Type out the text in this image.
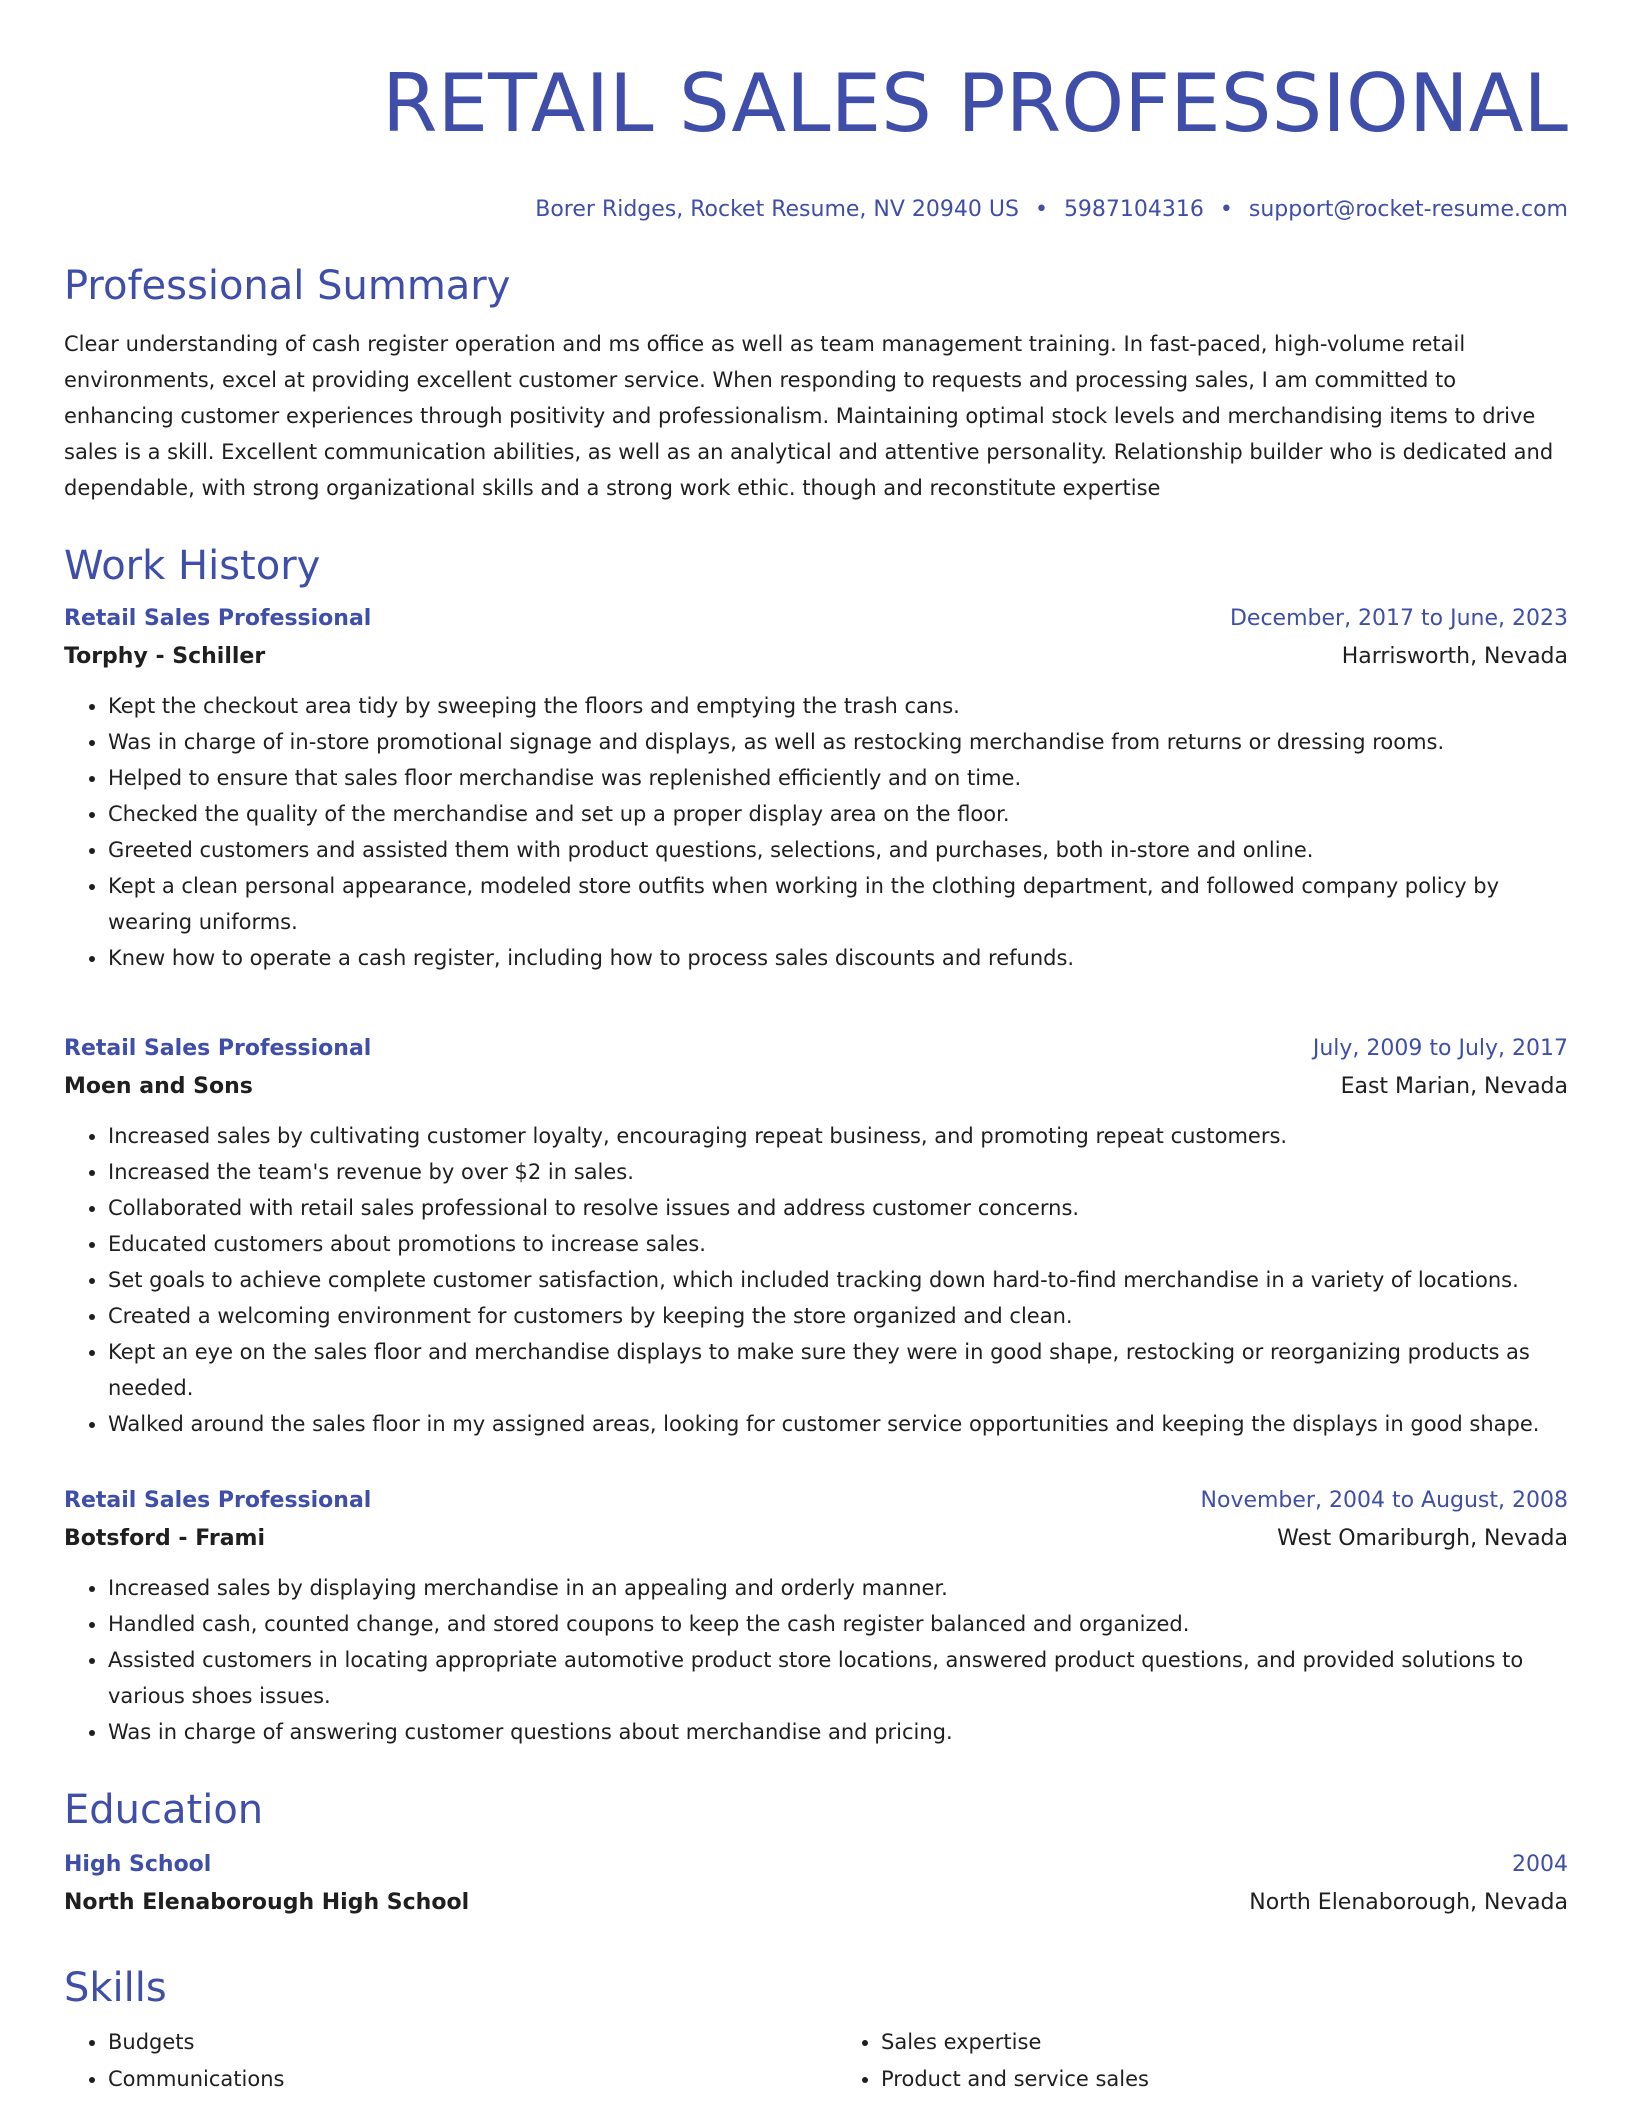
RETAIL SALES PROFESSIONAL
Borer Ridges, Rocket Resume, NV 20940 US • 5987104316 • support@rocket-resume.com
Professional Summary

Clear understanding of cash register operation and ms office as well as team management training. In fast-paced, high-volume retail environments, excel at providing excellent customer service. When responding to requests and processing sales, I am committed to enhancing customer experiences through positivity and professionalism. Maintaining optimal stock levels and merchandising items to drive sales is a skill. Excellent communication abilities, as well as an analytical and attentive personality. Relationship builder who is dedicated and dependable, with strong organizational skills and a strong work ethic. though and reconstitute expertise

Work History
Retail Sales Professional	December, 2017 to June, 2023
Torphy - Schiller	Harrisworth, Nevada
• Kept the checkout area tidy by sweeping the floors and emptying the trash cans.
• Was in charge of in-store promotional signage and displays, as well as restocking merchandise from returns or dressing rooms.
• Helped to ensure that sales floor merchandise was replenished efficiently and on time.
• Checked the quality of the merchandise and set up a proper display area on the floor.
• Greeted customers and assisted them with product questions, selections, and purchases, both in-store and online.
• Kept a clean personal appearance, modeled store outfits when working in the clothing department, and followed company policy by wearing uniforms.
• Knew how to operate a cash register, including how to process sales discounts and refunds.
Retail Sales Professional	July, 2009 to July, 2017
Moen and Sons	East Marian, Nevada
• Increased sales by cultivating customer loyalty, encouraging repeat business, and promoting repeat customers.
• Increased the team's revenue by over $2 in sales.
• Collaborated with retail sales professional to resolve issues and address customer concerns.
• Educated customers about promotions to increase sales.
• Set goals to achieve complete customer satisfaction, which included tracking down hard-to-find merchandise in a variety of locations.
• Created a welcoming environment for customers by keeping the store organized and clean.
• Kept an eye on the sales floor and merchandise displays to make sure they were in good shape, restocking or reorganizing products as needed.
• Walked around the sales floor in my assigned areas, looking for customer service opportunities and keeping the displays in good shape.
Retail Sales Professional	November, 2004 to August, 2008
Botsford - Frami	West Omariburgh, Nevada
• Increased sales by displaying merchandise in an appealing and orderly manner.
• Handled cash, counted change, and stored coupons to keep the cash register balanced and organized.
• Assisted customers in locating appropriate automotive product store locations, answered product questions, and provided solutions to various shoes issues.
• Was in charge of answering customer questions about merchandise and pricing.
Education
High School	2004
North Elenaborough High School	North Elenaborough, Nevada
Skills
• Budgets
• Communications
• Sales expertise
• Product and service sales
